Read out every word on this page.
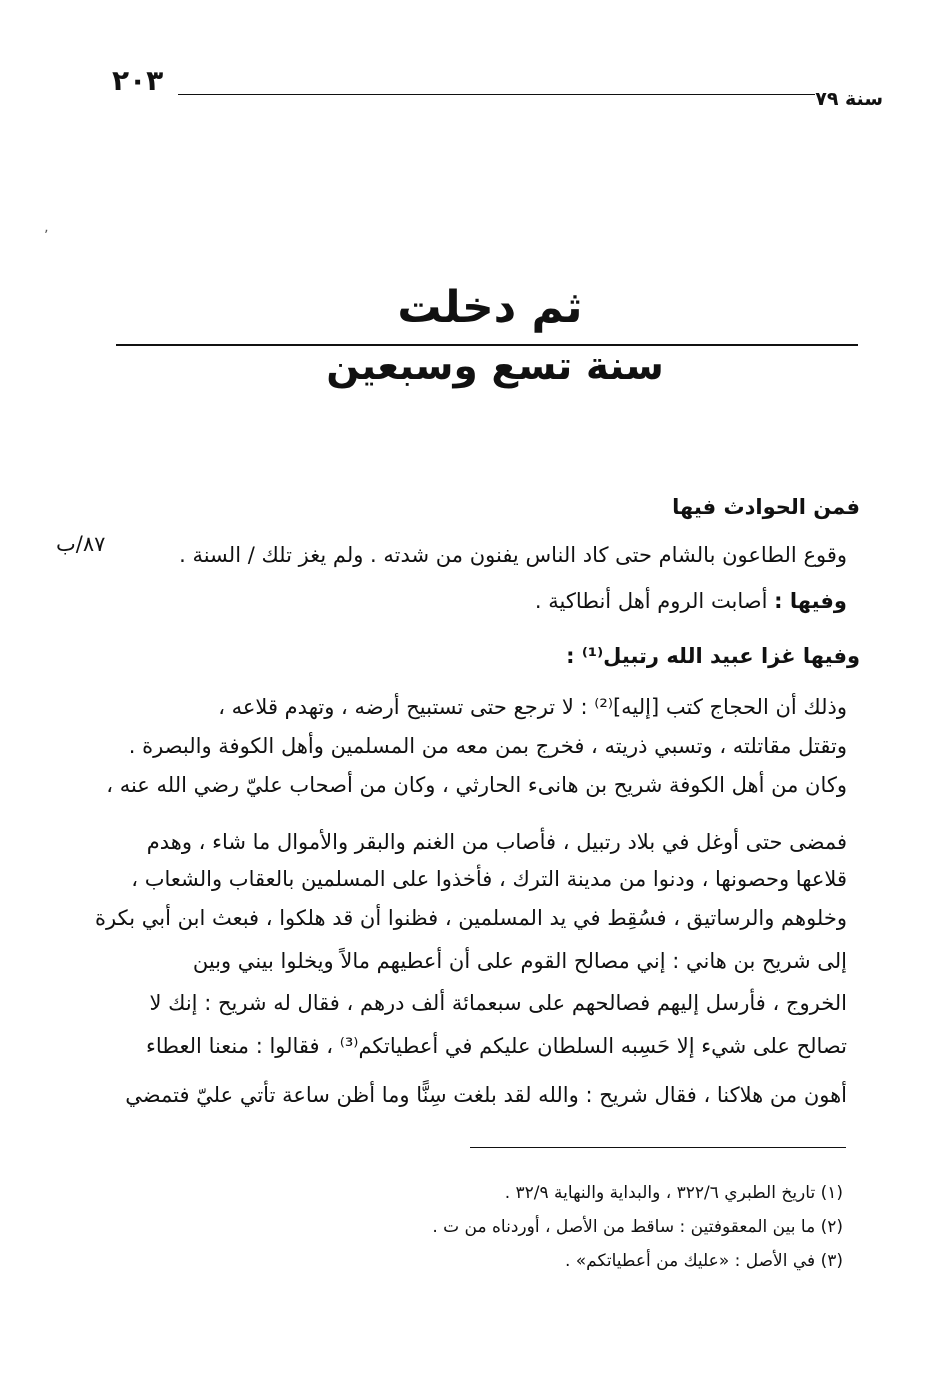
سنة ٧٩
٢٠٣
٬
ثم دخلت
سنة تسع وسبعين
فمن الحوادث فيها
وقوع الطاعون بالشام حتى كاد الناس يفنون من شدته . ولم يغز تلك / السنة .
٨٧/ب
وفيها : أصابت الروم أهل أنطاكية .
وفيها غزا عبيد الله رتبيل⁽¹⁾ :
وذلك أن الحجاج كتب [إليه]⁽²⁾ : لا ترجع حتى تستبيح أرضه ، وتهدم قلاعه ،
وتقتل مقاتلته ، وتسبي ذريته ، فخرج بمن معه من المسلمين وأهل الكوفة والبصرة .
وكان من أهل الكوفة شريح بن هانىء الحارثي ، وكان من أصحاب عليّ رضي الله عنه ،
فمضى حتى أوغل في بلاد رتبيل ، فأصاب من الغنم والبقر والأموال ما شاء ، وهدم
قلاعها وحصونها ، ودنوا من مدينة الترك ، فأخذوا على المسلمين بالعقاب والشعاب ،
وخلوهم والرساتيق ، فسُقِط في يد المسلمين ، فظنوا أن قد هلكوا ، فبعث ابن أبي بكرة
إلى شريح بن هاني : إني مصالح القوم على أن أعطيهم مالاً ويخلوا بيني وبين
الخروج ، فأرسل إليهم فصالحهم على سبعمائة ألف درهم ، فقال له شريح : إنك لا
تصالح على شيء إلا حَسِبه السلطان عليكم في أعطياتكم⁽³⁾ ، فقالوا : منعنا العطاء
أهون من هلاكنا ، فقال شريح : والله لقد بلغت سِنًّا وما أظن ساعة تأتي عليّ فتمضي
(١) تاريخ الطبري ٣٢٢/٦ ، والبداية والنهاية ٣٢/٩ .
(٢) ما بين المعقوفتين : ساقط من الأصل ، أوردناه من ت .
(٣) في الأصل : «عليك من أعطياتكم» .
